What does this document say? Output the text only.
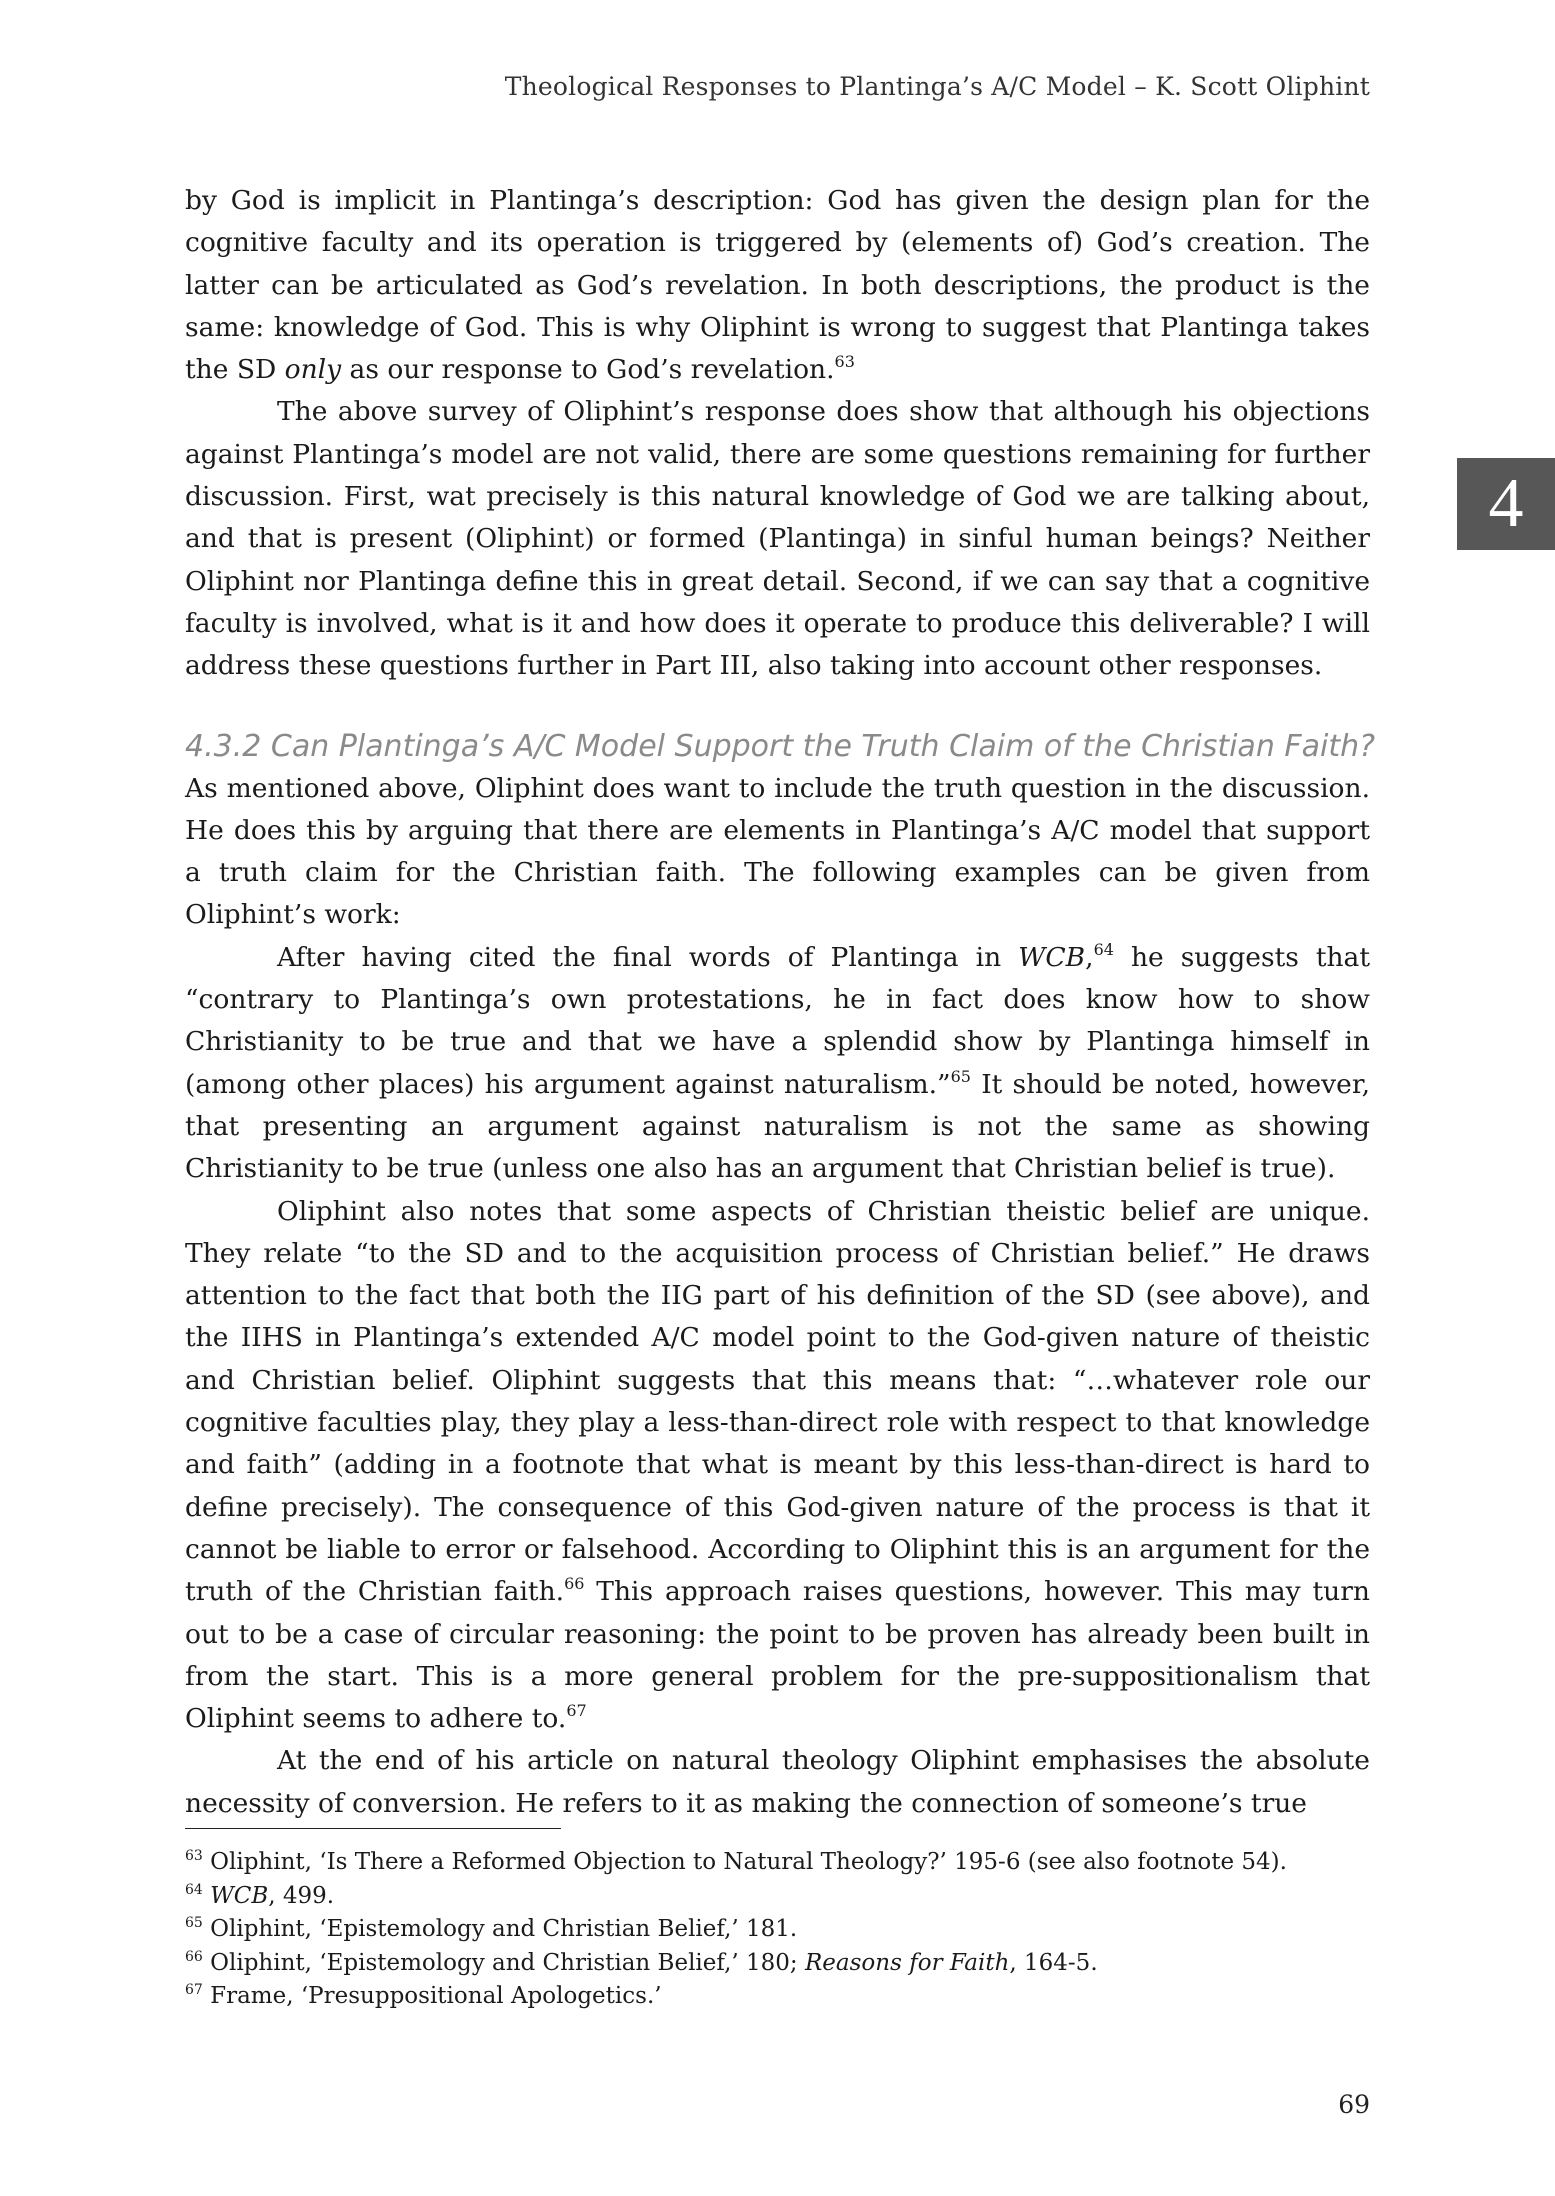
Theological Responses to Plantinga’s A/C Model – K. Scott Oliphint
4

by God is implicit in Plantinga’s description: God has given the design plan for the cognitive faculty and its operation is triggered by (elements of) God’s creation. The latter can be articulated as God’s revelation. In both descriptions, the product is the same: knowledge of God. This is why Oliphint is wrong to suggest that Plantinga takes the SD only as our response to God’s revelation.$^{63}$

The above survey of Oliphint’s response does show that although his objections against Plantinga’s model are not valid, there are some questions remaining for further discussion. First, wat precisely is this natural knowledge of God we are talking about, and that is present (Oliphint) or formed (Plantinga) in sinful human beings? Neither Oliphint nor Plantinga define this in great detail. Second, if we can say that a cognitive faculty is involved, what is it and how does it operate to produce this deliverable? I will address these questions further in Part III, also taking into account other responses.

4.3.2 Can Plantinga’s A/C Model Support the Truth Claim of the Christian Faith?

As mentioned above, Oliphint does want to include the truth question in the discussion. He does this by arguing that there are elements in Plantinga’s A/C model that support a truth claim for the Christian faith. The following examples can be given from Oliphint’s work:

After having cited the final words of Plantinga in WCB,$^{64}$ he suggests that “contrary to Plantinga’s own protestations, he in fact does know how to show Christianity to be true and that we have a splendid show by Plantinga himself in (among other places) his argument against naturalism.”$^{65}$ It should be noted, however, that presenting an argument against naturalism is not the same as showing Christianity to be true (unless one also has an argument that Christian belief is true).

Oliphint also notes that some aspects of Christian theistic belief are unique. They relate “to the SD and to the acquisition process of Christian belief.” He draws attention to the fact that both the IIG part of his definition of the SD (see above), and the IIHS in Plantinga’s extended A/C model point to the God-given nature of theistic and Christian belief. Oliphint suggests that this means that: “…whatever role our cognitive faculties play, they play a less-than-direct role with respect to that knowledge and faith” (adding in a footnote that what is meant by this less-than-direct is hard to define precisely). The consequence of this God-given nature of the process is that it cannot be liable to error or falsehood. According to Oliphint this is an argument for the truth of the Christian faith.$^{66}$ This approach raises questions, however. This may turn out to be a case of circular reasoning: the point to be proven has already been built in from the start. This is a more general problem for the pre-suppositionalism that Oliphint seems to adhere to.$^{67}$

At the end of his article on natural theology Oliphint emphasises the absolute necessity of conversion. He refers to it as making the connection of someone’s true

$^{63}$ Oliphint, ‘Is There a Reformed Objection to Natural Theology?’ 195-6 (see also footnote 54).
$^{64}$ WCB, 499.
$^{65}$ Oliphint, ‘Epistemology and Christian Belief,’ 181.
$^{66}$ Oliphint, ‘Epistemology and Christian Belief,’ 180; Reasons for Faith, 164-5.
$^{67}$ Frame, ‘Presuppositional Apologetics.’
69
